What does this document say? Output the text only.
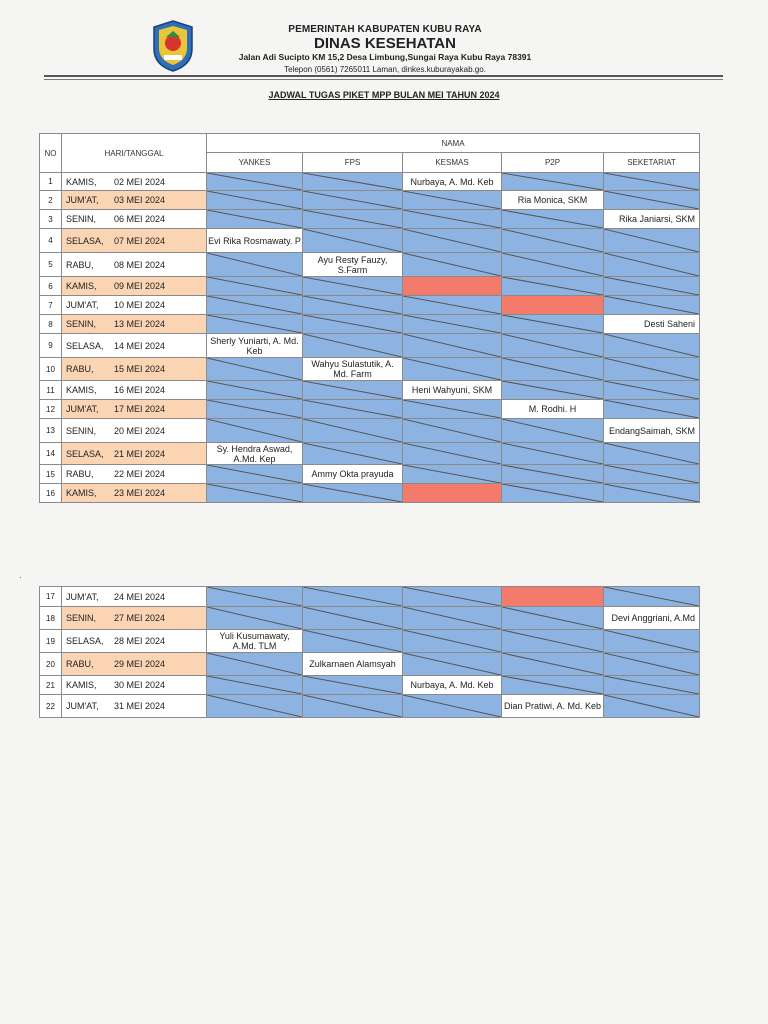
PEMERINTAH KABUPATEN KUBU RAYA
DINAS KESEHATAN
Jalan Adi Sucipto KM 15,2 Desa Limbung,Sungai Raya Kubu Raya 78391
Telepon (0561) 7265011 Laman, dinkes.kuburayakab.go.
JADWAL TUGAS PIKET MPP BULAN MEI TAHUN 2024
NO	HARI/TANGGAL	NAMA				
		YANKES	FPS	KESMAS	P2P	SEKETARIAT
1	KAMIS, 02 MEI 2024			Nurbaya, A. Md. Keb	

2	JUM'AT, 03 MEI 2024				Ria Monica, SKM	

3	SENIN, 06 MEI 2024					Rika Janiarsi, SKM
4	SELASA, 07 MEI 2024	Evi Rika Rosmawaty. P	

5	RABU, 08 MEI 2024		Ayu Resty Fauzy, S.Farm	

6	KAMIS, 09 MEI 2024	

7	JUM'AT, 10 MEI 2024	

8	SENIN, 13 MEI 2024					Desti Saheni
9	SELASA, 14 MEI 2024	Sherly Yuniarti, A. Md. Keb	

10	RABU, 15 MEI 2024		Wahyu Sulastutik, A. Md. Farm	

11	KAMIS, 16 MEI 2024			Heni Wahyuni, SKM	

12	JUM'AT, 17 MEI 2024				M. Rodhi. H	

13	SENIN, 20 MEI 2024					EndangSaimah, SKM
14	SELASA, 21 MEI 2024	Sy. Hendra Aswad, A.Md. Kep	

15	RABU, 22 MEI 2024		Ammy Okta prayuda	

16	KAMIS, 23 MEI 2024	

·
17	JUM'AT, 24 MEI 2024	

18	SENIN, 27 MEI 2024					Devi Anggriani, A.Md
19	SELASA, 28 MEI 2024	Yuli Kusumawaty, A.Md. TLM	

20	RABU, 29 MEI 2024		Zulkarnaen Alamsyah	

21	KAMIS, 30 MEI 2024			Nurbaya, A. Md. Keb	

22	JUM'AT, 31 MEI 2024				Dian Pratiwi, A. Md. Keb	
